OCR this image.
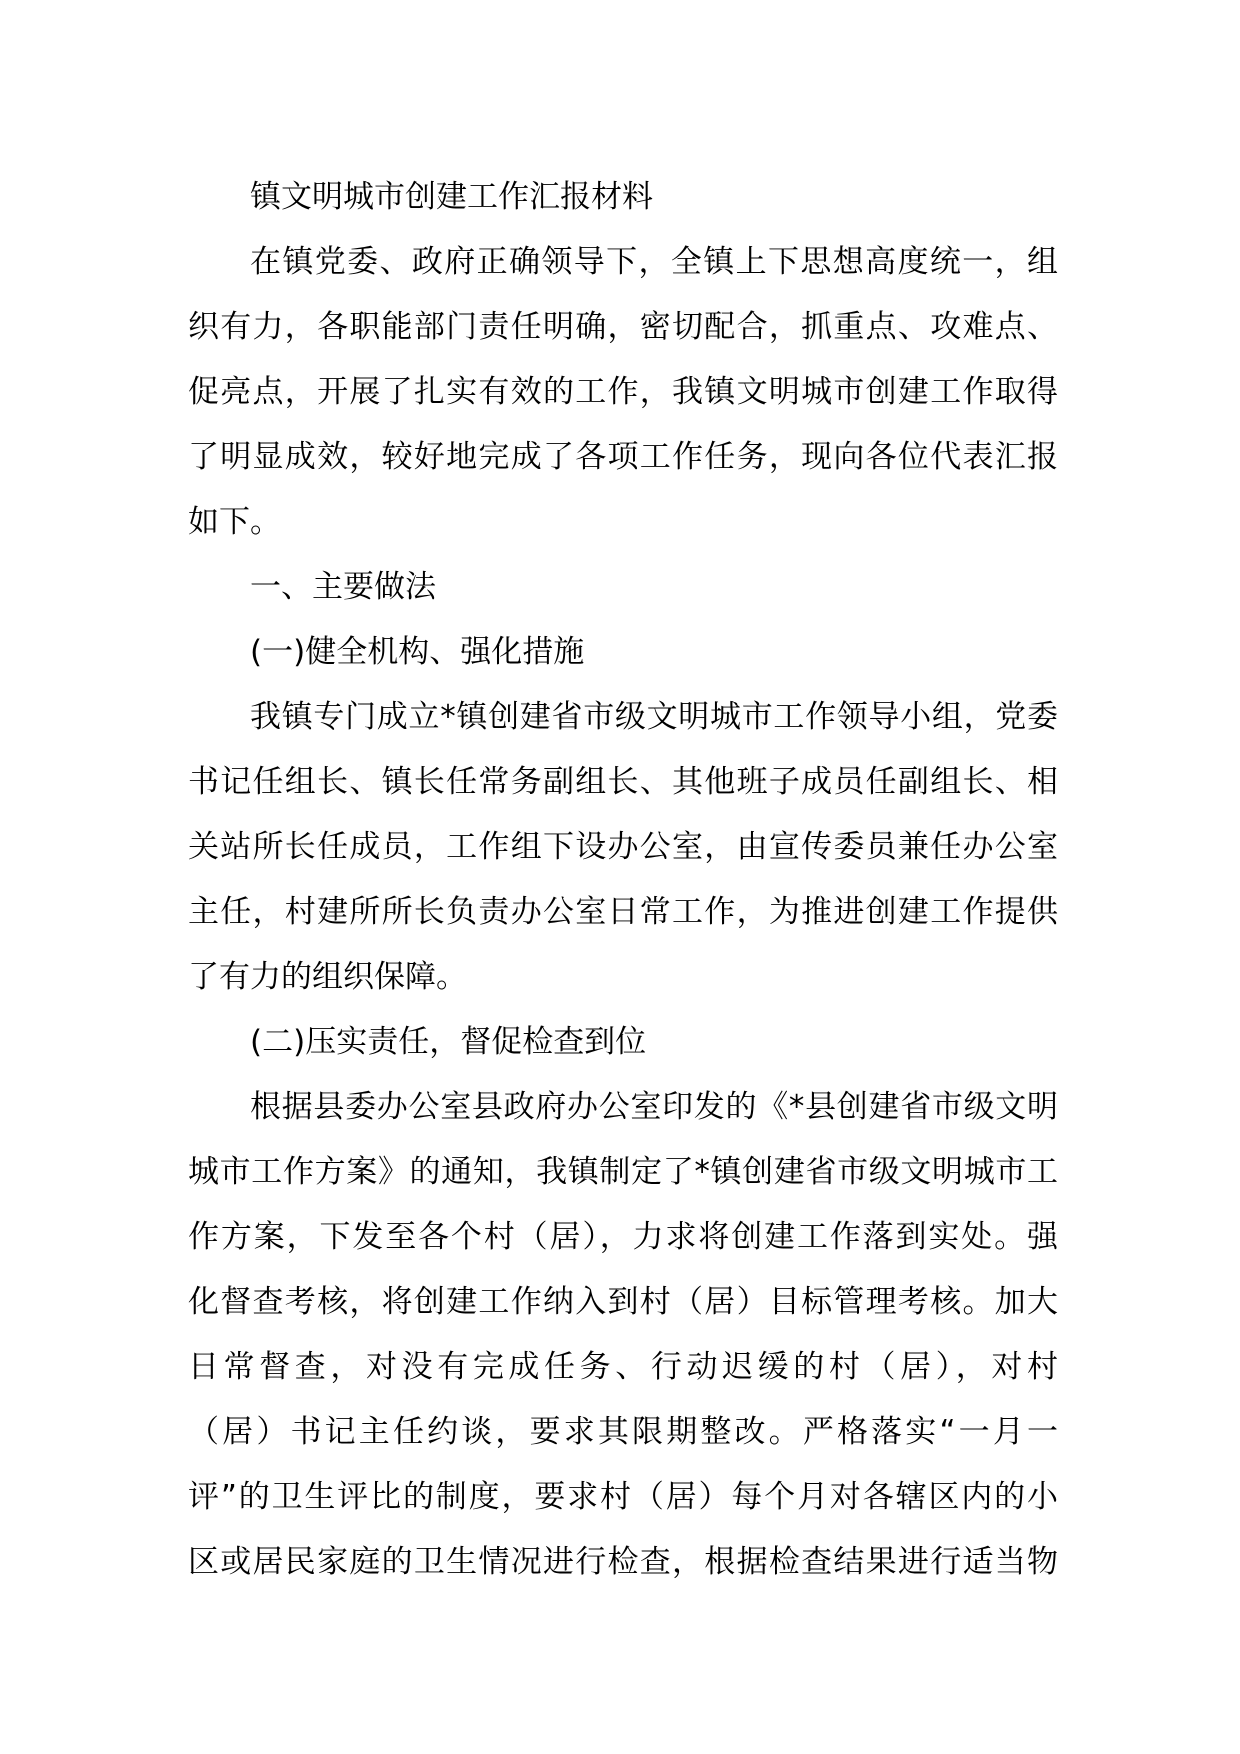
镇文明城市创建工作汇报材料
在镇党委、政府正确领导下，全镇上下思想高度统一，组
织有力，各职能部门责任明确，密切配合，抓重点、攻难点、
促亮点，开展了扎实有效的工作，我镇文明城市创建工作取得
了明显成效，较好地完成了各项工作任务，现向各位代表汇报
如下。
一、主要做法
(一)健全机构、强化措施
我镇专门成立*镇创建省市级文明城市工作领导小组，党委
书记任组长、镇长任常务副组长、其他班子成员任副组长、相
关站所长任成员，工作组下设办公室，由宣传委员兼任办公室
主任，村建所所长负责办公室日常工作，为推进创建工作提供
了有力的组织保障。
(二)压实责任，督促检查到位
根据县委办公室县政府办公室印发的《*县创建省市级文明
城市工作方案》的通知，我镇制定了*镇创建省市级文明城市工
作方案，下发至各个村（居），力求将创建工作落到实处。强
化督查考核，将创建工作纳入到村（居）目标管理考核。加大
日常督查，对没有完成任务、行动迟缓的村（居），对村
（居）书记主任约谈，要求其限期整改。严格落实“一月一
评”的卫生评比的制度，要求村（居）每个月对各辖区内的小
区或居民家庭的卫生情况进行检查，根据检查结果进行适当物
